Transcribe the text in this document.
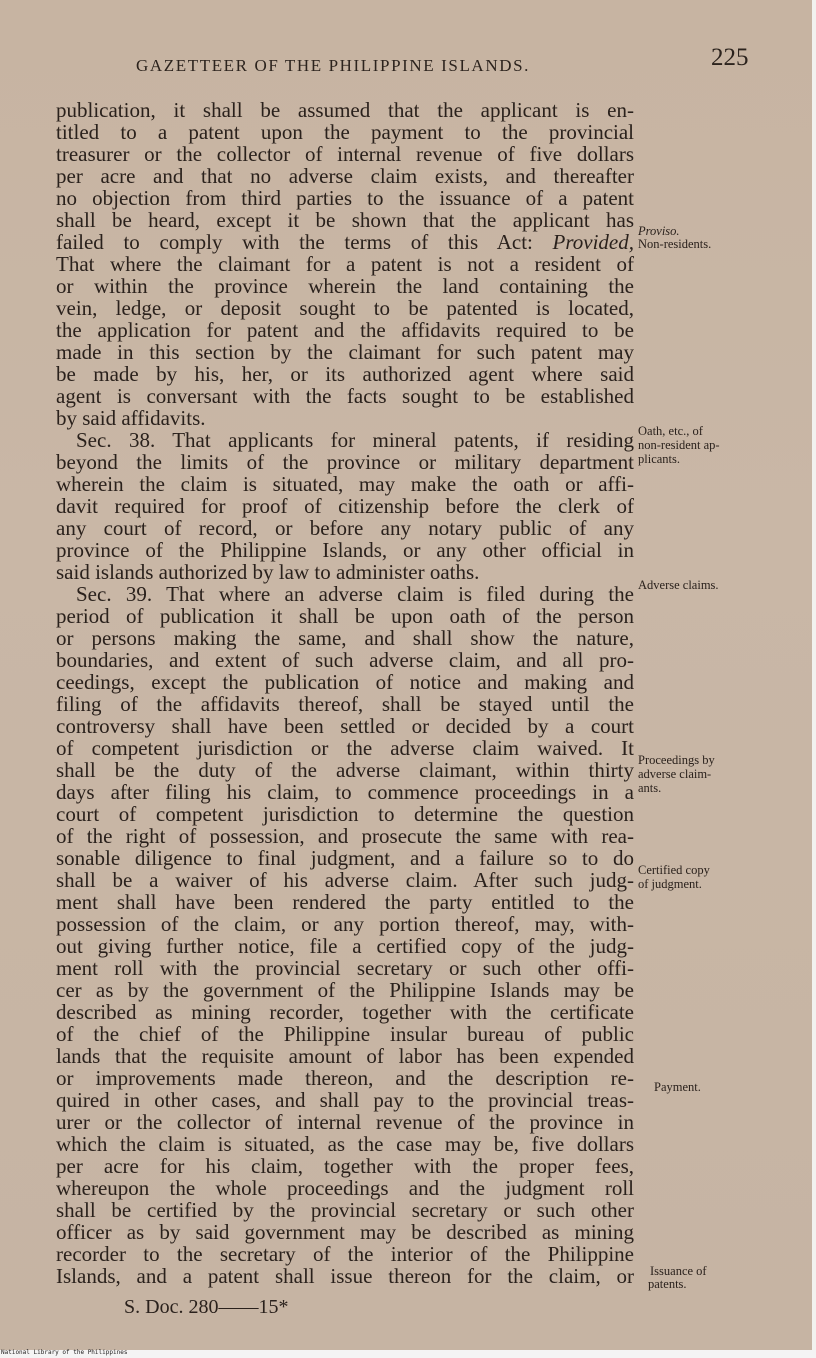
GAZETTEER OF THE PHILIPPINE ISLANDS.	225
publication, it shall be assumed that the applicant is en-
titled to a patent upon the payment to the provincial
treasurer or the collector of internal revenue of five dollars
per acre and that no adverse claim exists, and thereafter
no objection from third parties to the issuance of a patent
shall be heard, except it be shown that the applicant has
failed to comply with the terms of this Act: Provided,
That where the claimant for a patent is not a resident of
or within the province wherein the land containing the
vein, ledge, or deposit sought to be patented is located,
the application for patent and the affidavits required to be
made in this section by the claimant for such patent may
be made by his, her, or its authorized agent where said
agent is conversant with the facts sought to be established
by said affidavits.
Sec. 38. That applicants for mineral patents, if residing
beyond the limits of the province or military department
wherein the claim is situated, may make the oath or affi-
davit required for proof of citizenship before the clerk of
any court of record, or before any notary public of any
province of the Philippine Islands, or any other official in
said islands authorized by law to administer oaths.
Sec. 39. That where an adverse claim is filed during the
period of publication it shall be upon oath of the person
or persons making the same, and shall show the nature,
boundaries, and extent of such adverse claim, and all pro-
ceedings, except the publication of notice and making and
filing of the affidavits thereof, shall be stayed until the
controversy shall have been settled or decided by a court
of competent jurisdiction or the adverse claim waived. It
shall be the duty of the adverse claimant, within thirty
days after filing his claim, to commence proceedings in a
court of competent jurisdiction to determine the question
of the right of possession, and prosecute the same with rea-
sonable diligence to final judgment, and a failure so to do
shall be a waiver of his adverse claim. After such judg-
ment shall have been rendered the party entitled to the
possession of the claim, or any portion thereof, may, with-
out giving further notice, file a certified copy of the judg-
ment roll with the provincial secretary or such other offi-
cer as by the government of the Philippine Islands may be
described as mining recorder, together with the certificate
of the chief of the Philippine insular bureau of public
lands that the requisite amount of labor has been expended
or improvements made thereon, and the description re-
quired in other cases, and shall pay to the provincial treas-
urer or the collector of internal revenue of the province in
which the claim is situated, as the case may be, five dollars
per acre for his claim, together with the proper fees,
whereupon the whole proceedings and the judgment roll
shall be certified by the provincial secretary or such other
officer as by said government may be described as mining
recorder to the secretary of the interior of the Philippine
Islands, and a patent shall issue thereon for the claim, or
Proviso.
Non-residents.
Oath, etc., of
non-resident ap-
plicants.
Adverse claims.
Proceedings by
adverse claim-
ants.
Certified copy
of judgment.
Payment.
Issuance of
patents.
S. Doc. 280——15*
National Library of the Philippines
